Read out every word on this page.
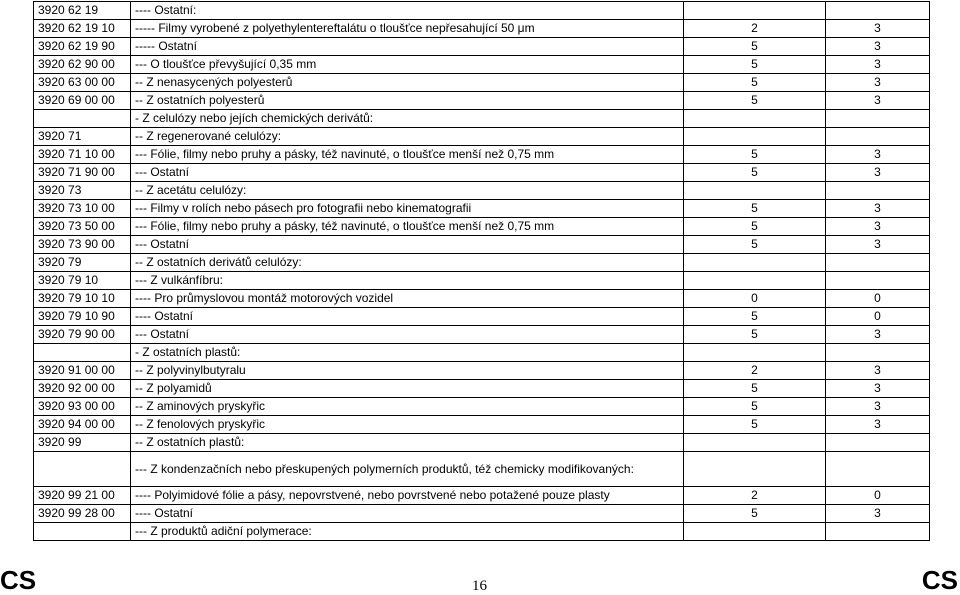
3920 62 19	---- Ostatní:		
3920 62 19 10	----- Filmy vyrobené z polyethylentereftalátu o tloušťce nepřesahující 50 μm	2	3
3920 62 19 90	----- Ostatní	5	3
3920 62 90 00	--- O tloušťce převyšující 0,35 mm	5	3
3920 63 00 00	-- Z nenasycených polyesterů	5	3
3920 69 00 00	-- Z ostatních polyesterů	5	3
	- Z celulózy nebo jejích chemických derivátů:		
3920 71	-- Z regenerované celulózy:		
3920 71 10 00	--- Fólie, filmy nebo pruhy a pásky, též navinuté, o tloušťce menší než 0,75 mm	5	3
3920 71 90 00	--- Ostatní	5	3
3920 73	-- Z acetátu celulózy:		
3920 73 10 00	--- Filmy v rolích nebo pásech pro fotografii nebo kinematografii	5	3
3920 73 50 00	--- Fólie, filmy nebo pruhy a pásky, též navinuté, o tloušťce menší než 0,75 mm	5	3
3920 73 90 00	--- Ostatní	5	3
3920 79	-- Z ostatních derivátů celulózy:		
3920 79 10	--- Z vulkánfíbru:		
3920 79 10 10	---- Pro průmyslovou montáž motorových vozidel	0	0
3920 79 10 90	---- Ostatní	5	0
3920 79 90 00	--- Ostatní	5	3
	- Z ostatních plastů:		
3920 91 00 00	-- Z polyvinylbutyralu	2	3
3920 92 00 00	-- Z polyamidů	5	3
3920 93 00 00	-- Z aminových pryskyřic	5	3
3920 94 00 00	-- Z fenolových pryskyřic	5	3
3920 99	-- Z ostatních plastů:		
	--- Z kondenzačních nebo přeskupených polymerních produktů, též chemicky modifikovaných:		
3920 99 21 00	---- Polyimidové fólie a pásy, nepovrstvené, nebo povrstvené nebo potažené pouze plasty	2	0
3920 99 28 00	---- Ostatní	5	3
	--- Z produktů adiční polymerace:		
CS	16	CS
